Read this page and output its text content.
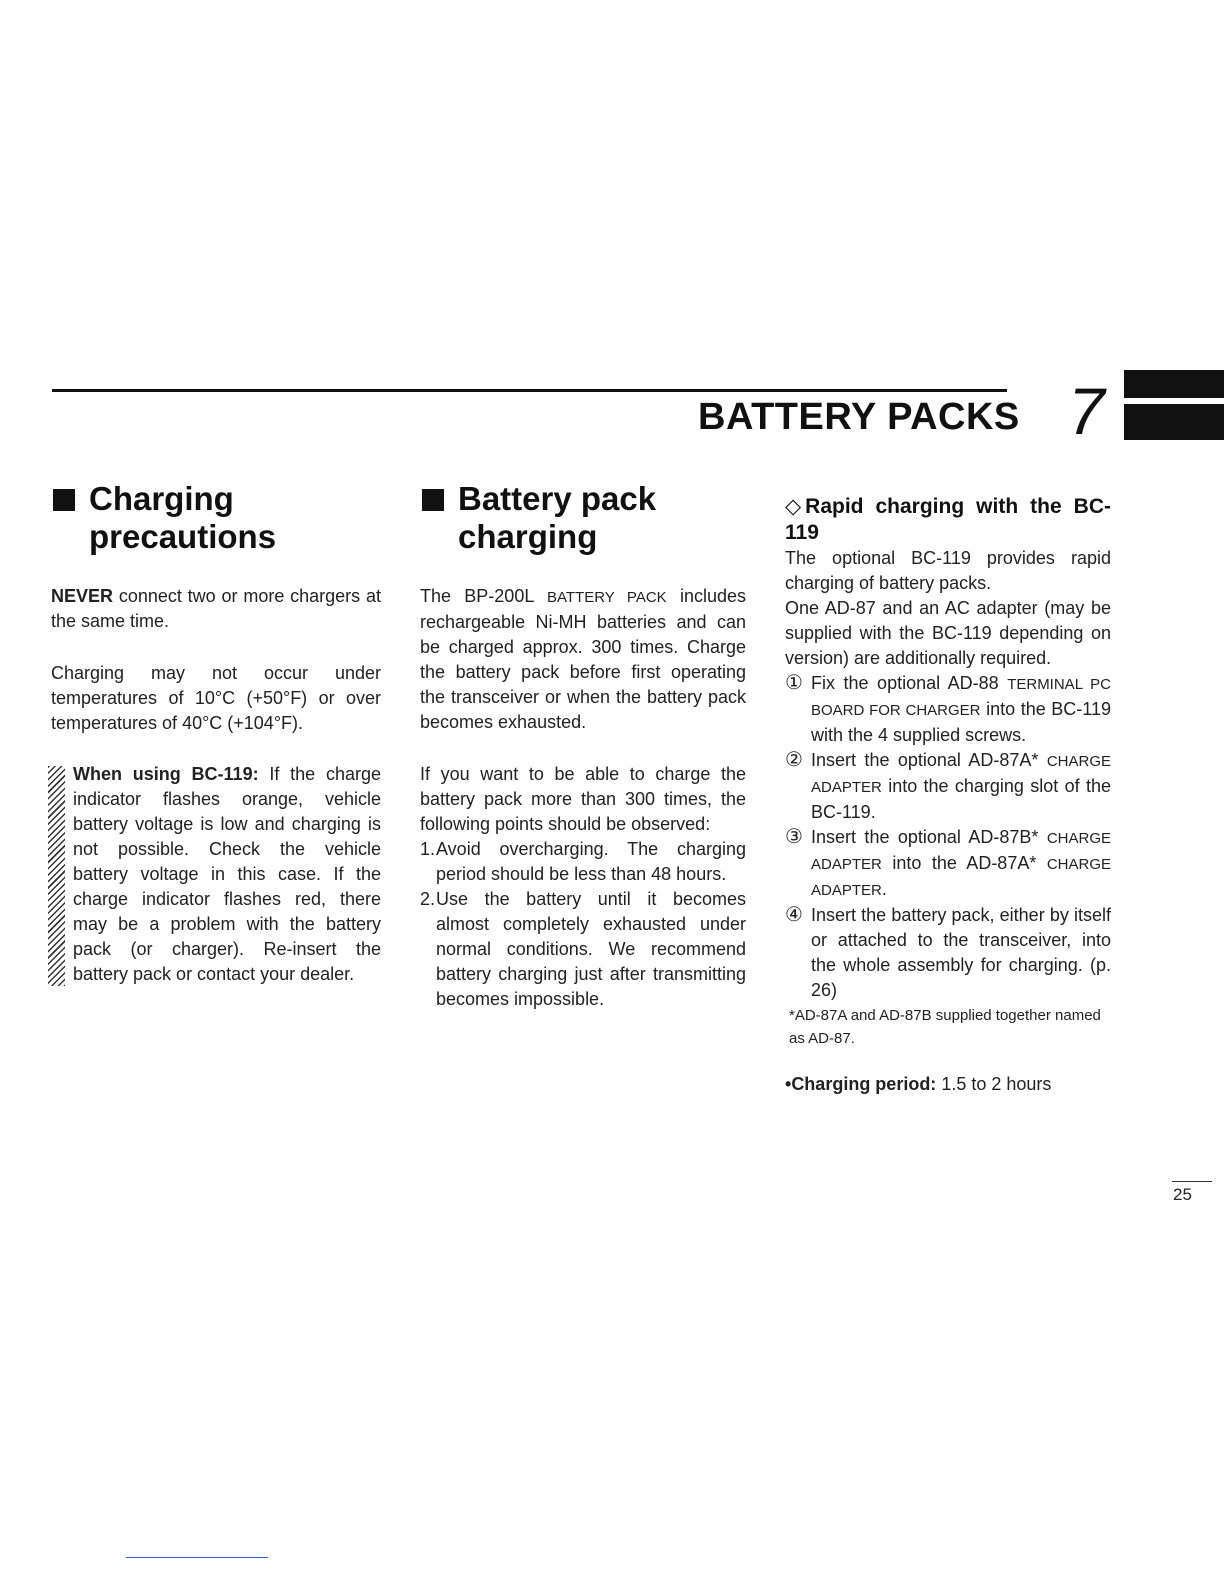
BATTERY PACKS 7
Charging
precautions

NEVER connect two or more chargers at the same time.

Charging may not occur under temperatures of 10°C (+50°F) or over temperatures of 40°C (+104°F).

When using BC-119: If the charge indicator flashes orange, vehicle battery voltage is low and charging is not possible. Check the vehicle battery voltage in this case. If the charge indicator flashes red, there may be a problem with the battery pack (or charger). Re-insert the battery pack or contact your dealer.

Battery pack
charging

The BP-200L BATTERY PACK includes rechargeable Ni-MH batteries and can be charged approx. 300 times. Charge the battery pack before first operating the transceiver or when the battery pack becomes exhausted.

If you want to be able to charge the battery pack more than 300 times, the following points should be observed:

1.Avoid overcharging. The charging period should be less than 48 hours.
2.Use the battery until it becomes almost completely exhausted under normal conditions. We recommend battery charging just after transmitting becomes impossible.

◇ Rapid charging with the BC-119

The optional BC-119 provides rapid charging of battery packs.

One AD-87 and an AC adapter (may be supplied with the BC-119 depending on version) are additionally required.

① Fix the optional AD-88 TERMINAL PC BOARD FOR CHARGER into the BC-119 with the 4 supplied screws.
② Insert the optional AD-87A* CHARGE ADAPTER into the charging slot of the BC-119.
③ Insert the optional AD-87B* CHARGE ADAPTER into the AD-87A* CHARGE ADAPTER.
④ Insert the battery pack, either by itself or attached to the transceiver, into the whole assembly for charging. (p. 26)
*AD-87A and AD-87B supplied together named as AD-87.

•Charging period: 1.5 to 2 hours

25
